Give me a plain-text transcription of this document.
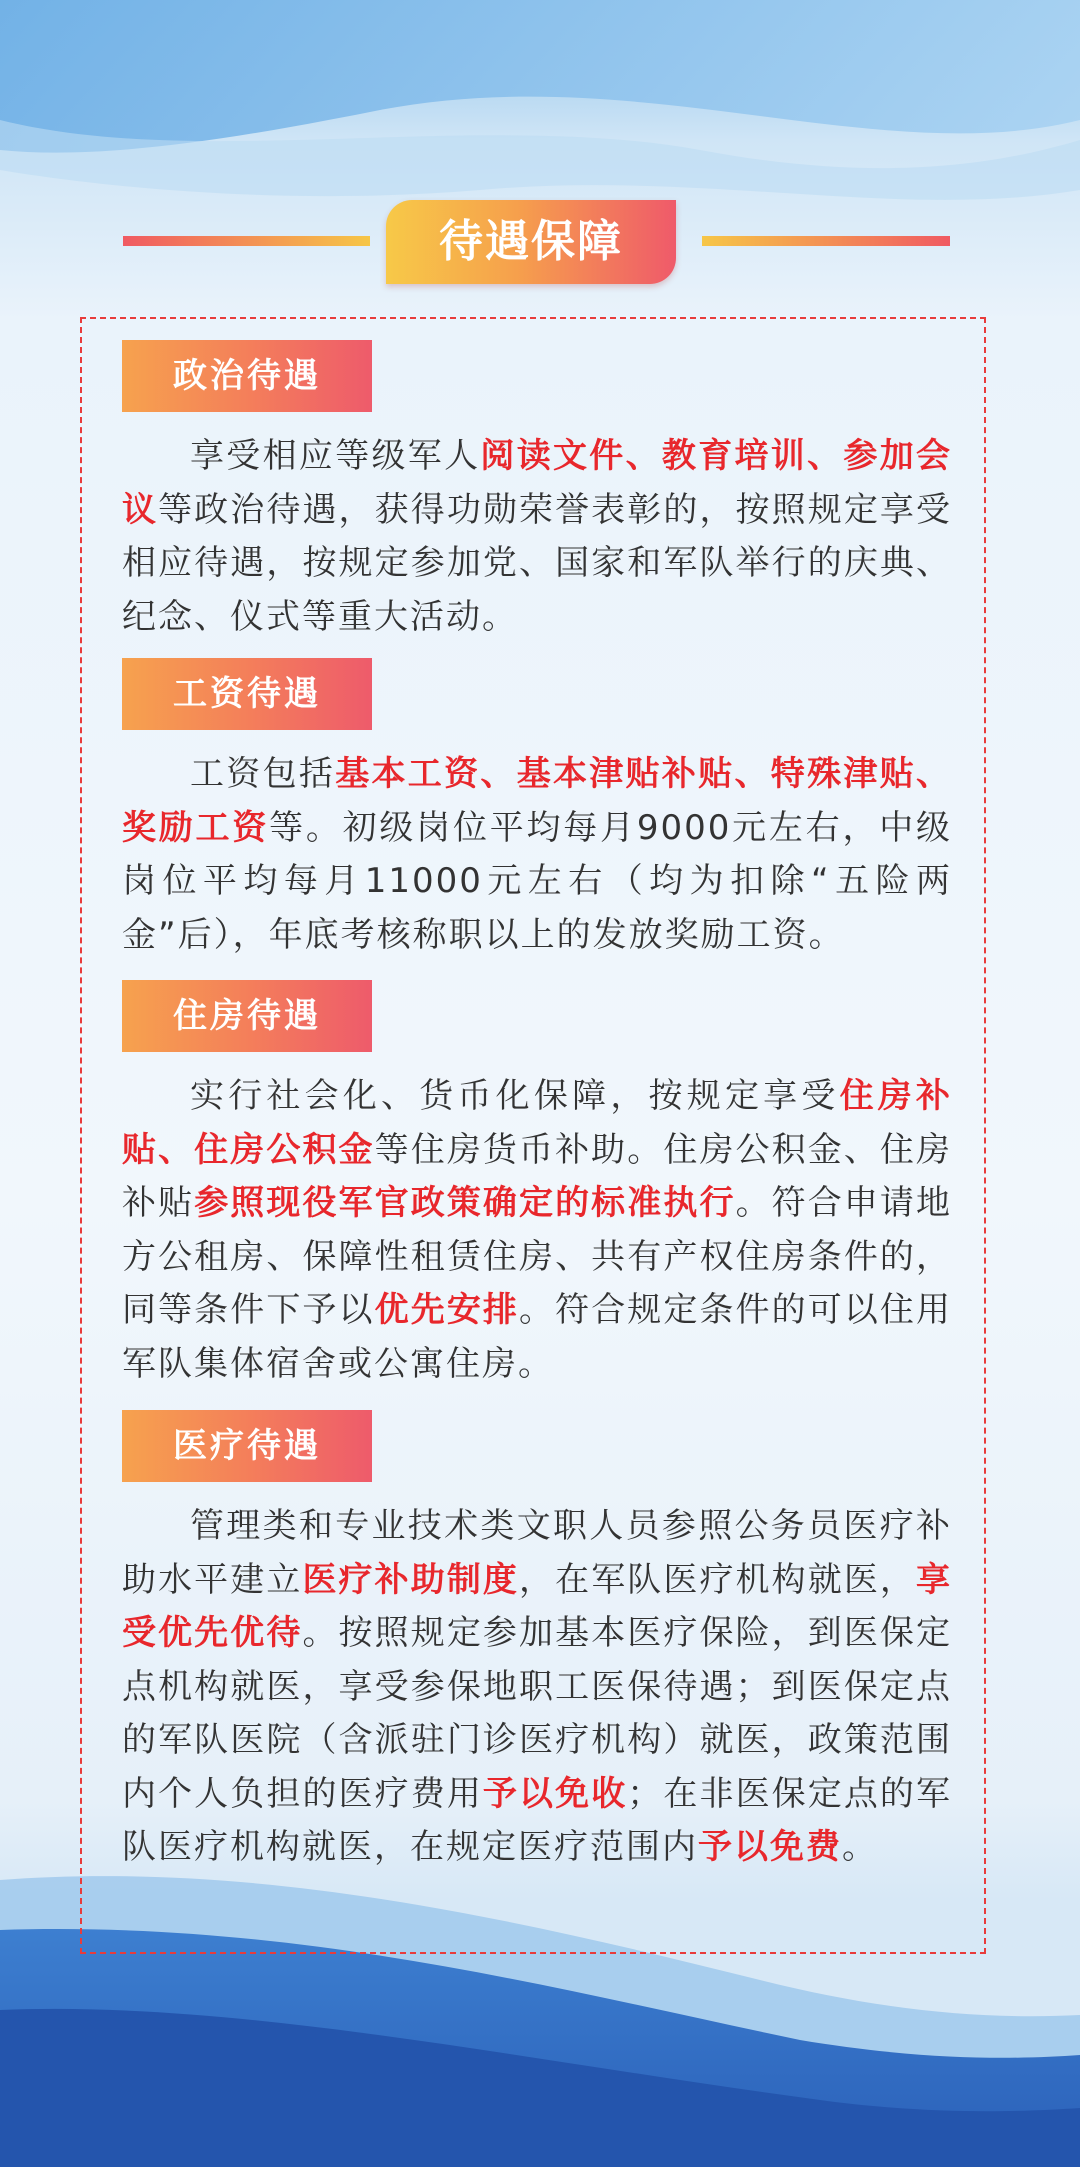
待遇保障
政治待遇
享受相应等级军人阅读文件、教育培训、参加会议等政治待遇，获得功勋荣誉表彰的，按照规定享受相应待遇，按规定参加党、国家和军队举行的庆典、纪念、仪式等重大活动。
工资待遇
工资包括基本工资、基本津贴补贴、特殊津贴、奖励工资等。初级岗位平均每月9000元左右，中级岗位平均每月11000元左右（均为扣除“五险两金”后），年底考核称职以上的发放奖励工资。
住房待遇
实行社会化、货币化保障，按规定享受住房补贴、住房公积金等住房货币补助。住房公积金、住房补贴参照现役军官政策确定的标准执行。符合申请地方公租房、保障性租赁住房、共有产权住房条件的，同等条件下予以优先安排。符合规定条件的可以住用军队集体宿舍或公寓住房。
医疗待遇
管理类和专业技术类文职人员参照公务员医疗补助水平建立医疗补助制度，在军队医疗机构就医，享受优先优待。按照规定参加基本医疗保险，到医保定点机构就医，享受参保地职工医保待遇；到医保定点的军队医院（含派驻门诊医疗机构）就医，政策范围内个人负担的医疗费用予以免收；在非医保定点的军队医疗机构就医，在规定医疗范围内予以免费。
